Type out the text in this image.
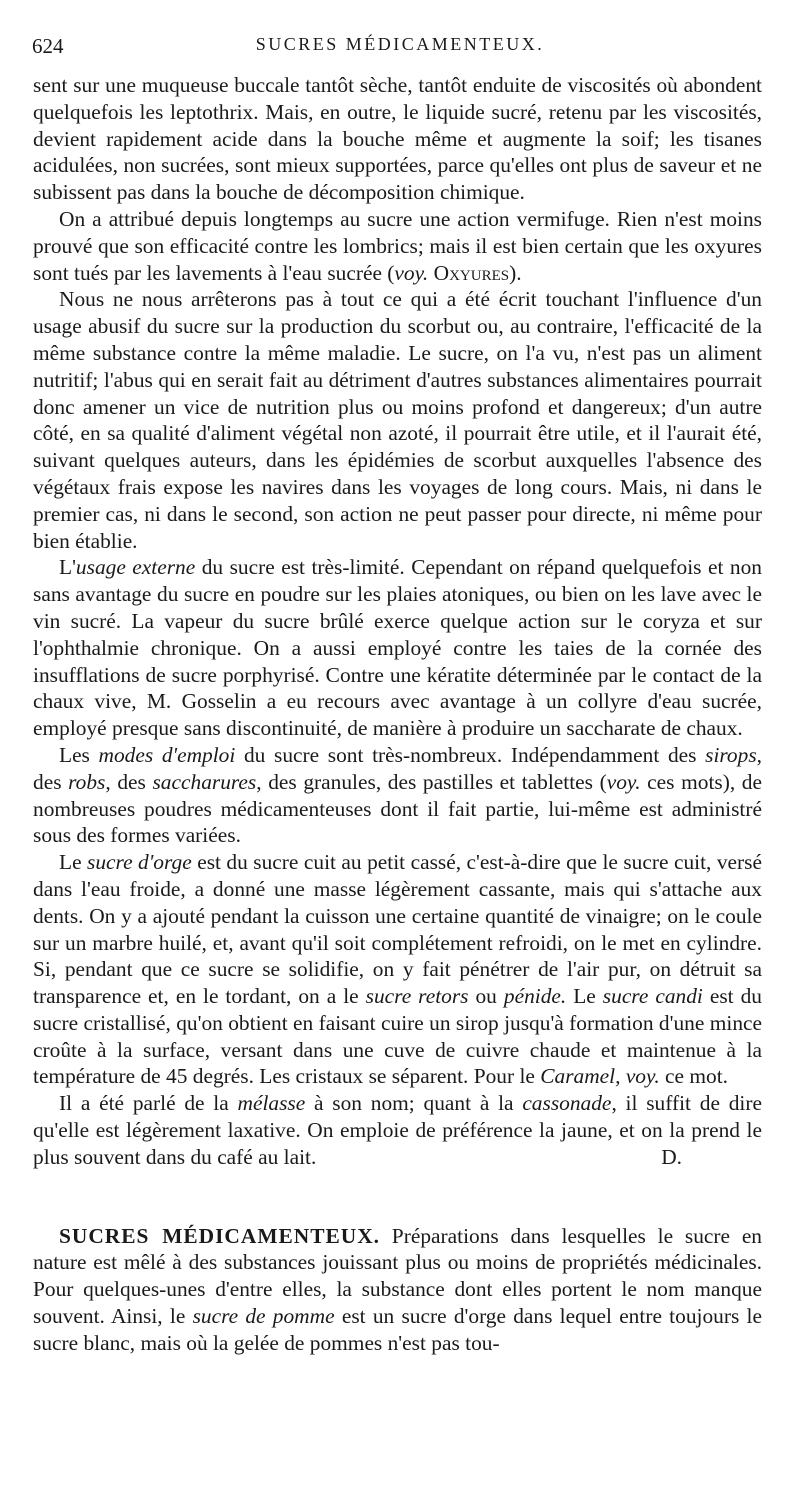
624	SUCRES MÉDICAMENTEUX.

sent sur une muqueuse buccale tantôt sèche, tantôt enduite de viscosités où abondent quelquefois les leptothrix. Mais, en outre, le liquide sucré, retenu par les viscosités, devient rapidement acide dans la bouche même et augmente la soif; les tisanes acidulées, non sucrées, sont mieux supportées, parce qu'elles ont plus de saveur et ne subissent pas dans la bouche de décomposition chimique.

On a attribué depuis longtemps au sucre une action vermifuge. Rien n'est moins prouvé que son efficacité contre les lombrics; mais il est bien certain que les oxyures sont tués par les lavements à l'eau sucrée (voy. Oxyures).

Nous ne nous arrêterons pas à tout ce qui a été écrit touchant l'influence d'un usage abusif du sucre sur la production du scorbut ou, au contraire, l'efficacité de la même substance contre la même maladie. Le sucre, on l'a vu, n'est pas un aliment nutritif; l'abus qui en serait fait au détriment d'autres substances alimentaires pourrait donc amener un vice de nutrition plus ou moins profond et dangereux; d'un autre côté, en sa qualité d'aliment végétal non azoté, il pourrait être utile, et il l'aurait été, suivant quelques auteurs, dans les épidémies de scorbut auxquelles l'absence des végétaux frais expose les navires dans les voyages de long cours. Mais, ni dans le premier cas, ni dans le second, son action ne peut passer pour directe, ni même pour bien établie.

L'usage externe du sucre est très-limité. Cependant on répand quelquefois et non sans avantage du sucre en poudre sur les plaies atoniques, ou bien on les lave avec le vin sucré. La vapeur du sucre brûlé exerce quelque action sur le coryza et sur l'ophthalmie chronique. On a aussi employé contre les taies de la cornée des insufflations de sucre porphyrisé. Contre une kératite déterminée par le contact de la chaux vive, M. Gosselin a eu recours avec avantage à un collyre d'eau sucrée, employé presque sans discontinuité, de manière à produire un saccharate de chaux.

Les modes d'emploi du sucre sont très-nombreux. Indépendamment des sirops, des robs, des saccharures, des granules, des pastilles et tablettes (voy. ces mots), de nombreuses poudres médicamenteuses dont il fait partie, lui-même est administré sous des formes variées.

Le sucre d'orge est du sucre cuit au petit cassé, c'est-à-dire que le sucre cuit, versé dans l'eau froide, a donné une masse légèrement cassante, mais qui s'attache aux dents. On y a ajouté pendant la cuisson une certaine quantité de vinaigre; on le coule sur un marbre huilé, et, avant qu'il soit complétement refroidi, on le met en cylindre. Si, pendant que ce sucre se solidifie, on y fait pénétrer de l'air pur, on détruit sa transparence et, en le tordant, on a le sucre retors ou pénide. Le sucre candi est du sucre cristallisé, qu'on obtient en faisant cuire un sirop jusqu'à formation d'une mince croûte à la surface, versant dans une cuve de cuivre chaude et maintenue à la température de 45 degrés. Les cristaux se séparent. Pour le Caramel, voy. ce mot.

Il a été parlé de la mélasse à son nom; quant à la cassonade, il suffit de dire qu'elle est légèrement laxative. On emploie de préférence la jaune, et on la prend le plus souvent dans du café au lait.	D.

SUCRES MÉDICAMENTEUX. Préparations dans lesquelles le sucre en nature est mêlé à des substances jouissant plus ou moins de propriétés médicinales. Pour quelques-unes d'entre elles, la substance dont elles portent le nom manque souvent. Ainsi, le sucre de pomme est un sucre d'orge dans lequel entre toujours le sucre blanc, mais où la gelée de pommes n'est pas tou-
